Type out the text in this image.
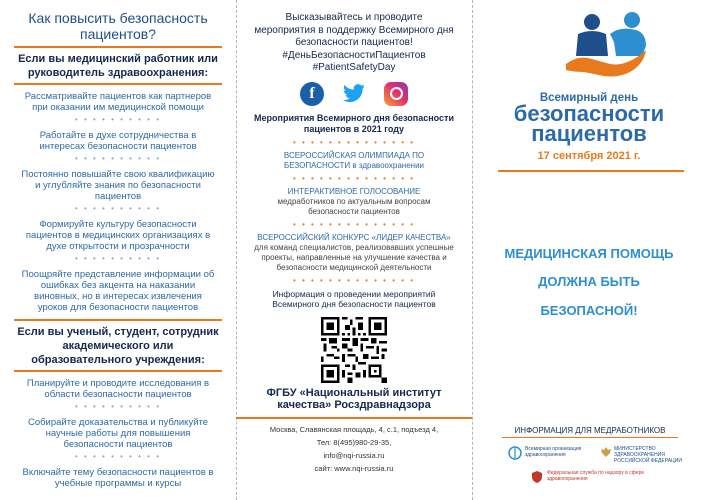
Как повысить безопасность пациентов?
Если вы медицинский работник или руководитель здравоохранения:
Рассматривайте пациентов как партнеров при оказании им медицинской помощи
• • • • • • • • • •
Работайте в духе сотрудничества в интересах безопасности пациентов
• • • • • • • • • •
Постоянно повышайте свою квалификацию и углубляйте знания по безопасности пациентов
• • • • • • • • • •
Формируйте культуру безопасности пациентов в медицинских организациях в духе открытости и прозрачности
• • • • • • • • • •
Поощряйте представление информации об ошибках без акцента на наказании виновных, но в интересах извлечения уроков для безопасности пациентов
Если вы ученый, студент, сотрудник академического или образовательного учреждения:
Планируйте и проводите исследования в области безопасности пациентов
• • • • • • • • • •
Собирайте доказательства и публикуйте научные работы для повышения безопасности пациентов
• • • • • • • • • •
Включайте тему безопасности пациентов в учебные программы и курсы
Высказывайтесь и проводите мероприятия в поддержку Всемирного дня безопасности пациентов! #ДеньБезопасностиПациентов #PatientSafetyDay
f
Мероприятия Всемирного дня безопасности пациентов в 2021 году
• • • • • • • • • • • • • •
ВСЕРОССИЙСКАЯ ОЛИМПИАДА ПО БЕЗОПАСНОСТИ в здравоохранении
• • • • • • • • • • • • • •
ИНТЕРАКТИВНОЕ ГОЛОСОВАНИЕ
медработников по актуальным вопросам безопасности пациентов
• • • • • • • • • • • • • •
ВСЕРОССИЙСКИЙ КОНКУРС «ЛИДЕР КАЧЕСТВА»
для команд специалистов, реализовавших успешные проекты, направленные на улучшение качества и безопасности медицинской деятельности
• • • • • • • • • • • • • •
Информация о проведении мероприятий Всемирного дня безопасности пациентов
ФГБУ «Национальный институт качества» Росздравнадзора
Москва, Славянская площадь, 4, с.1, подъезд 4,
Тел: 8(495)980-29-35,
info@nqi-russia.ru
сайт: www.nqi-russia.ru
Всемирный день
безопасности
пациентов
17 сентября 2021 г.
МЕДИЦИНСКАЯ ПОМОЩЬ
ДОЛЖНА БЫТЬ
БЕЗОПАСНОЙ!
ИНФОРМАЦИЯ ДЛЯ МЕДРАБОТНИКОВ
Всемирная организация здравоохранения
МИНИСТЕРСТВО ЗДРАВООХРАНЕНИЯ РОССИЙСКОЙ ФЕДЕРАЦИИ
Федеральная служба по надзору в сфере здравоохранения
